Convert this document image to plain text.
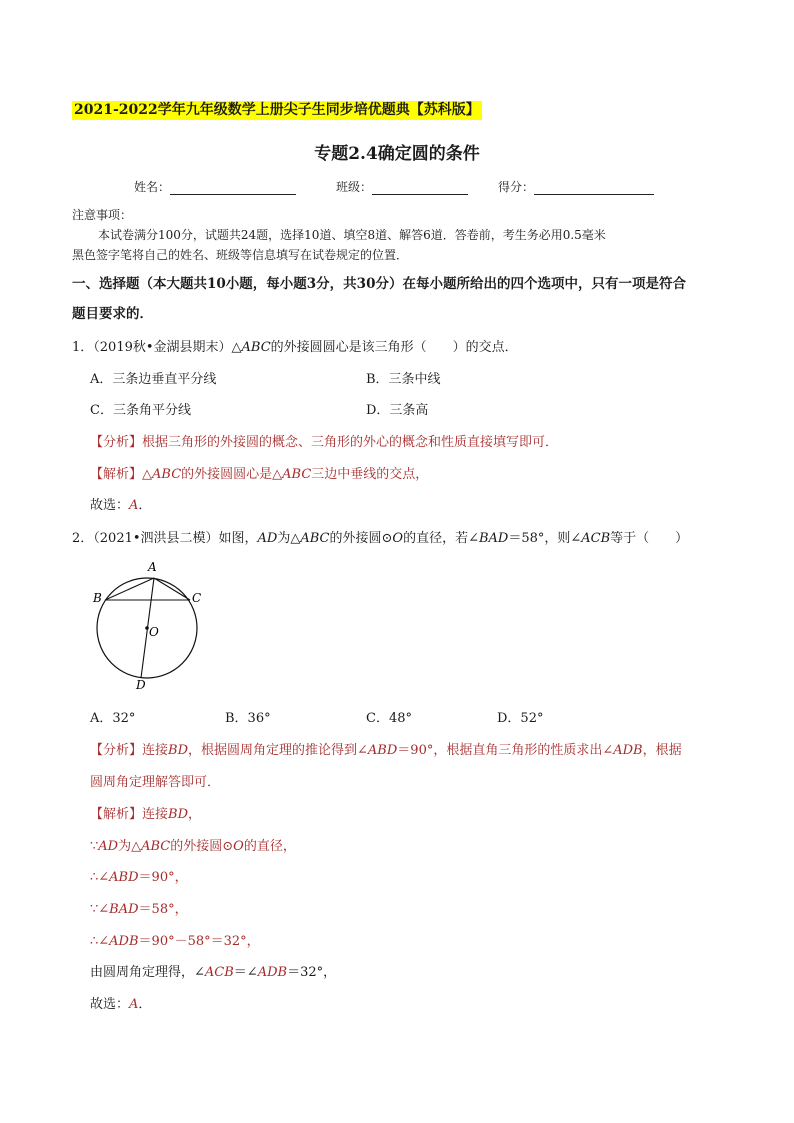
2021-2022学年九年级数学上册尖子生同步培优题典【苏科版】
专题2.4确定圆的条件
姓名：	班级：	得分：
注意事项：
本试卷满分100分，试题共24题，选择10道、填空8道、解答6道．答卷前，考生务必用0.5毫米
黑色签字笔将自己的姓名、班级等信息填写在试卷规定的位置．
一、选择题（本大题共10小题，每小题3分，共30分）在每小题所给出的四个选项中，只有一项是符合
题目要求的．
1．（2019秋•金湖县期末）△ABC的外接圆圆心是该三角形（　　）的交点．
A．三条边垂直平分线	B．三条中线
C．三条角平分线	D．三条高
【分析】根据三角形的外接圆的概念、三角形的外心的概念和性质直接填写即可．
【解析】△ABC的外接圆圆心是△ABC三边中垂线的交点，
故选：A．
2．（2021•泗洪县二模）如图，AD为△ABC的外接圆⊙O的直径，若∠BAD＝58°，则∠ACB等于（　　）
A
B	C
O
D
A．32°	B．36°	C．48°	D．52°
【分析】连接BD，根据圆周角定理的推论得到∠ABD＝90°，根据直角三角形的性质求出∠ADB，根据
圆周角定理解答即可．
【解析】连接BD，
∵AD为△ABC的外接圆⊙O的直径，
∴∠ABD＝90°，
∵∠BAD＝58°，
∴∠ADB＝90°－58°＝32°，
由圆周角定理得，∠ACB＝∠ADB＝32°，
故选：A．
